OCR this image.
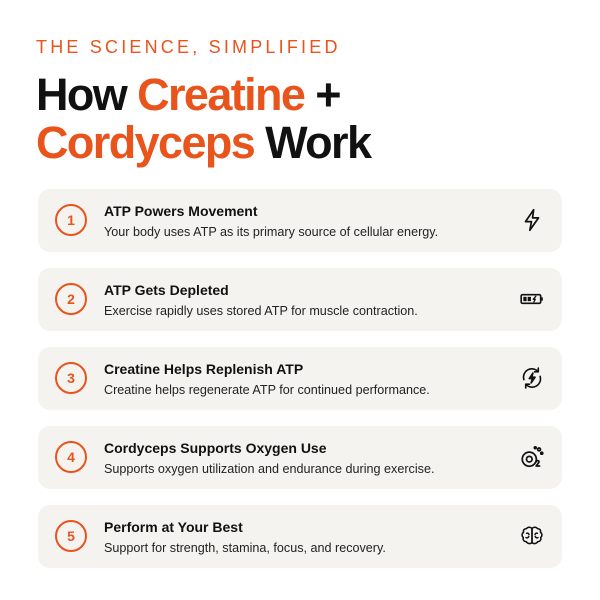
THE SCIENCE, SIMPLIFIED
How Creatine +
Cordyceps Work
1
ATP Powers Movement
Your body uses ATP as its primary source of cellular energy.
2
ATP Gets Depleted
Exercise rapidly uses stored ATP for muscle contraction.
3
Creatine Helps Replenish ATP
Creatine helps regenerate ATP for continued performance.
4
Cordyceps Supports Oxygen Use
Supports oxygen utilization and endurance during exercise.
5
Perform at Your Best
Support for strength, stamina, focus, and recovery.
